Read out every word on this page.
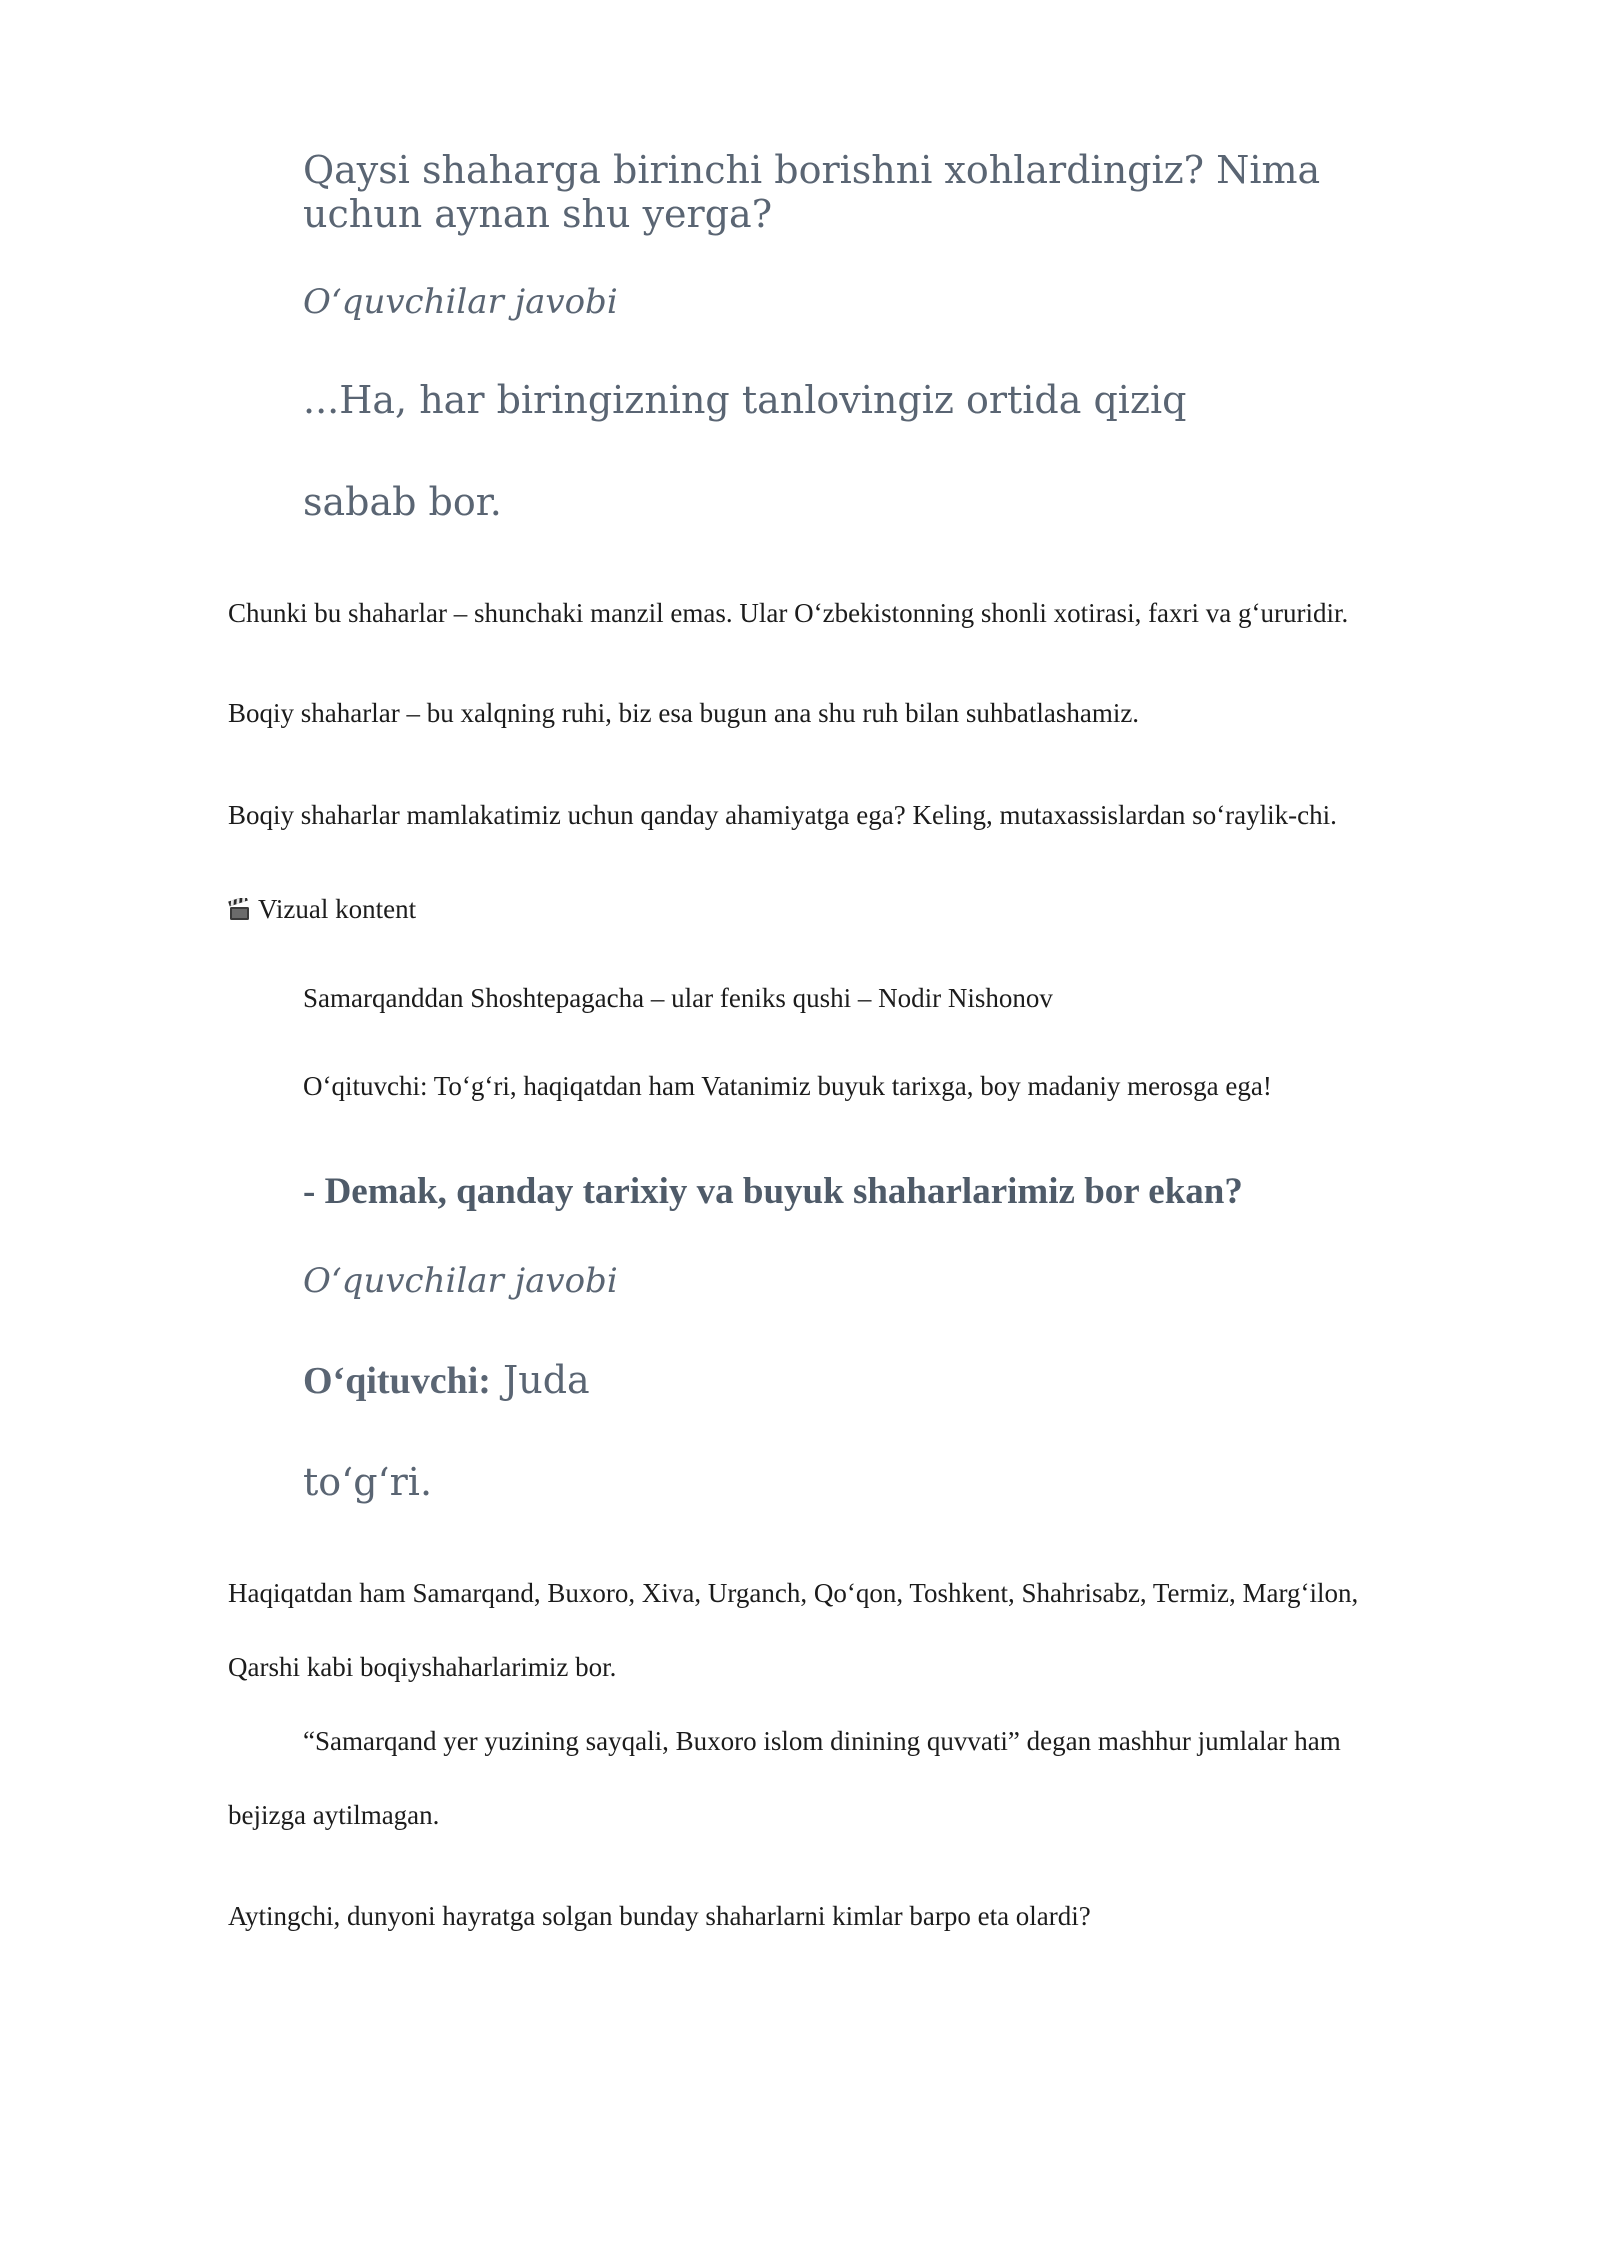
Qaysi shaharga birinchi borishni xohlardingiz? Nima uchun aynan shu yerga?

O‘quvchilar javobi

...Ha, har biringizning tanlovingiz ortida qiziq

sabab bor.

Chunki bu shaharlar – shunchaki manzil emas. Ular O‘zbekistonning shonli xotirasi, faxri va g‘ururidir.

Boqiy shaharlar – bu xalqning ruhi, biz esa bugun ana shu ruh bilan suhbatlashamiz.

Boqiy shaharlar mamlakatimiz uchun qanday ahamiyatga ega? Keling, mutaxassislardan so‘raylik-chi.

Vizual kontent

Samarqanddan Shoshtepagacha – ular feniks qushi – Nodir Nishonov

O‘qituvchi: To‘g‘ri, haqiqatdan ham Vatanimiz buyuk tarixga, boy madaniy merosga ega!

- Demak, qanday tarixiy va buyuk shaharlarimiz bor ekan?

O‘quvchilar javobi

O‘qituvchi: Juda

to‘g‘ri.

Haqiqatdan ham Samarqand, Buxoro, Xiva, Urganch, Qo‘qon, Toshkent, Shahrisabz, Termiz, Marg‘ilon,

Qarshi kabi boqiyshaharlarimiz bor.

“Samarqand yer yuzining sayqali, Buxoro islom dinining quvvati” degan mashhur jumlalar ham

bejizga aytilmagan.

Aytingchi, dunyoni hayratga solgan bunday shaharlarni kimlar barpo eta olardi?
